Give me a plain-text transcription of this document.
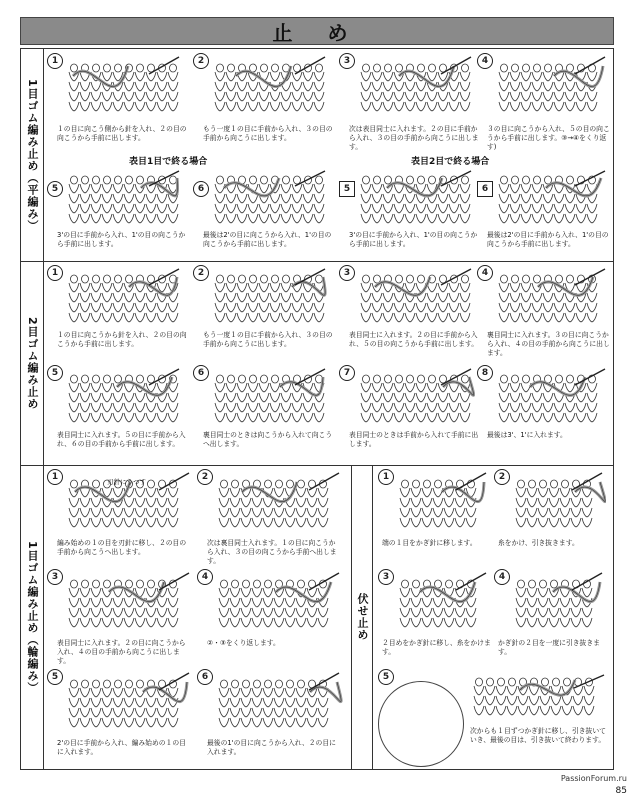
止 め
1目ゴム編み止め（平編み）	表目1目で終る場合	表目2目で終る場合
1
１の目に向こう側から針を入れ、２の目の向こうから手前に出します。
2
もう一度１の目に手前から入れ、３の目の手前から向こうに出します。
3
次は表目同士に入れます。２の目に手前から入れ、３の目の手前から向こうに出します。
4
３の目に向こうから入れ、５の目の向こうから手前に出します。③→④をくり返す)
5
3'の目に手前から入れ、1'の目の向こうから手前に出します。
6
最後は2'の目に向こうから入れ、1'の目の向こうから手前に出します。
5
3'の目に手前から入れ、1'の目の向こうから手前に出します。
6
最後は2'の目に手前から入れ、1'の目の向こうから手前に出します。
2目ゴム編み止め
1
１の目に向こうから針を入れ、２の目の向こうから手前に出します。
2
もう一度１の目に手前から入れ、３の目の手前から向こうに出します。
3
表目同士に入れます。２の目に手前から入れ、５の目の向こうから手前に出します。
4
裏目同士に入れます。３の目に向こうから入れ、４の目の手前から向こうに出します。
5
表目同士に入れます。５の目に手前から入れ、６の目の手前から手前に出します。
6
裏目同士のときは向こうから入れて向こうへ出します。
7
表目同士のときは手前から入れて手前に出します。
8
最後は3'、1'に入れます。
1目ゴム編み止め（輪編み）
1	刃針にうつす
編み始めの１の目を刃針に移し、２の目の手前から向こうへ出します。
2
次は裏目同士入れます。１の目に向こうから入れ、３の目の向こうから手前へ出します。
3
表目同士に入れます。２の目に向こうから入れ、４の目の手前から向こうに出します。
4
②・③をくり返します。
5
2'の目に手前から入れ、編み始めの１の目に入れます。
6
最後の1'の目に向こうから入れ、２の目に入れます。
伏せ止め
1
端の１目をかぎ針に移します。
2
糸をかけ、引き抜きます。
3
２目めをかぎ針に移し、糸をかけます。
4
かぎ針の２目を一度に引き抜きます。
5
次からも１目ずつかぎ針に移し、引き抜いていき、最後の目は、引き抜いて終わります。
PassionForum.ru
85
